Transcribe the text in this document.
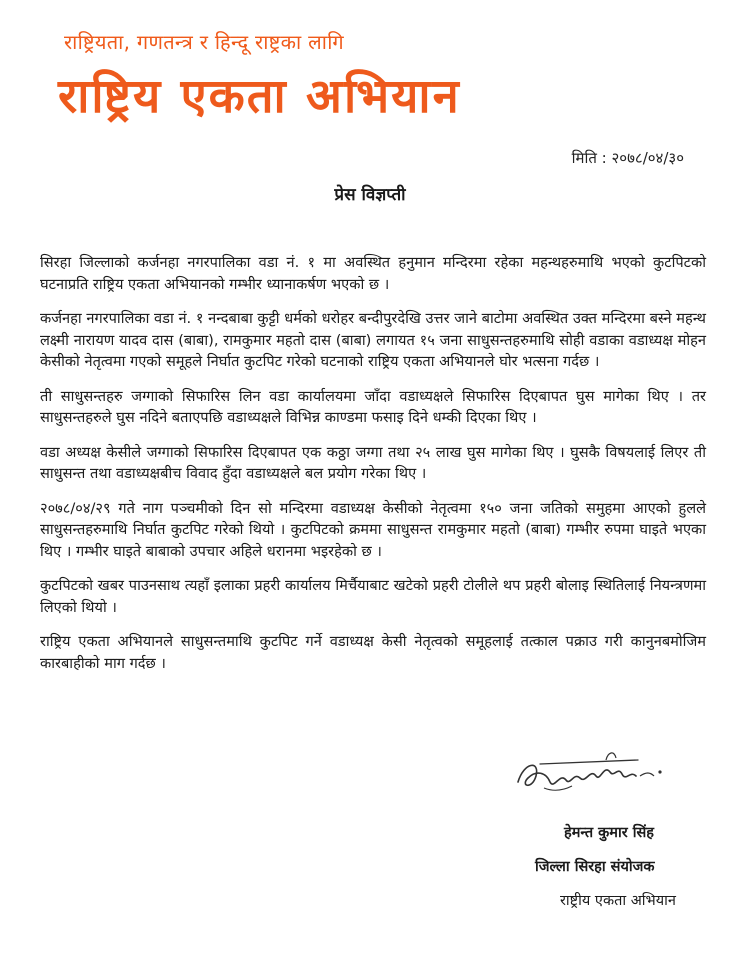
राष्ट्रियता, गणतन्त्र र हिन्दू राष्ट्रका लागि
राष्ट्रिय एकता अभियान
मिति : २०७८/०४/३०
प्रेस विज्ञप्ती

सिरहा जिल्लाको कर्जनहा नगरपालिका वडा नं. १ मा अवस्थित हनुमान मन्दिरमा रहेका महन्थहरुमाथि भएको कुटपिटको घटनाप्रति राष्ट्रिय एकता अभियानको गम्भीर ध्यानाकर्षण भएको छ ।

कर्जनहा नगरपालिका वडा नं. १ नन्दबाबा कुट्टी धर्मको धरोहर बन्दीपुरदेखि उत्तर जाने बाटोमा अवस्थित उक्त मन्दिरमा बस्ने महन्थ लक्ष्मी नारायण यादव दास (बाबा), रामकुमार महतो दास (बाबा) लगायत १५ जना साधुसन्तहरुमाथि सोही वडाका वडाध्यक्ष मोहन केसीको नेतृत्वमा गएको समूहले निर्घात कुटपिट गरेको घटनाको राष्ट्रिय एकता अभियानले घोर भत्सना गर्दछ ।

ती साधुसन्तहरु जग्गाको सिफारिस लिन वडा कार्यालयमा जाँदा वडाध्यक्षले सिफारिस दिएबापत घुस मागेका थिए । तर साधुसन्तहरुले घुस नदिने बताएपछि वडाध्यक्षले विभिन्न काण्डमा फसाइ दिने धम्की दिएका थिए ।

वडा अध्यक्ष केसीले जग्गाको सिफारिस दिएबापत एक कठ्ठा जग्गा तथा २५ लाख घुस मागेका थिए । घुसकै विषयलाई लिएर ती साधुसन्त तथा वडाध्यक्षबीच विवाद हुँदा वडाध्यक्षले बल प्रयोग गरेका थिए ।

२०७८/०४/२९ गते नाग पञ्चमीको दिन सो मन्दिरमा वडाध्यक्ष केसीको नेतृत्वमा १५० जना जतिको समुहमा आएको हुलले साधुसन्तहरुमाथि निर्घात कुटपिट गरेको थियो । कुटपिटको क्रममा साधुसन्त रामकुमार महतो (बाबा) गम्भीर रुपमा घाइते भएका थिए । गम्भीर घाइते बाबाको उपचार अहिले धरानमा भइरहेको छ ।

कुटपिटको खबर पाउनसाथ त्यहाँ इलाका प्रहरी कार्यालय मिर्चैयाबाट खटेको प्रहरी टोलीले थप प्रहरी बोलाइ स्थितिलाई नियन्त्रणमा लिएको थियो ।

राष्ट्रिय एकता अभियानले साधुसन्तमाथि कुटपिट गर्ने वडाध्यक्ष केसी नेतृत्वको समूहलाई तत्काल पक्राउ गरी कानुनबमोजिम कारबाहीको माग गर्दछ ।

हेमन्त कुमार सिंह
जिल्ला सिरहा संयोजक
राष्ट्रीय एकता अभियान
